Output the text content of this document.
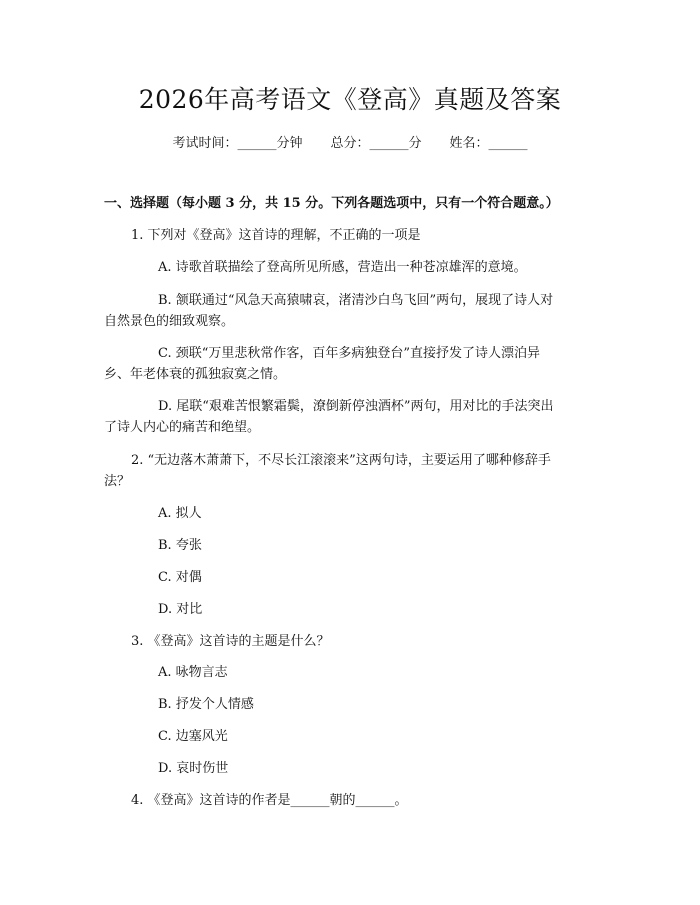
2026年高考语文《登高》真题及答案
考试时间：______分钟 总分：______分 姓名：______
一、选择题（每小题 3 分，共 15 分。下列各题选项中，只有一个符合题意。）
1. 下列对《登高》这首诗的理解，不正确的一项是
A. 诗歌首联描绘了登高所见所感，营造出一种苍凉雄浑的意境。
B. 颔联通过“风急天高猿啸哀，渚清沙白鸟飞回”两句，展现了诗人对
自然景色的细致观察。
C. 颈联“万里悲秋常作客，百年多病独登台”直接抒发了诗人漂泊异
乡、年老体衰的孤独寂寞之情。
D. 尾联“艰难苦恨繁霜鬓，潦倒新停浊酒杯”两句，用对比的手法突出
了诗人内心的痛苦和绝望。
2. “无边落木萧萧下，不尽长江滚滚来”这两句诗，主要运用了哪种修辞手
法？
A. 拟人
B. 夸张
C. 对偶
D. 对比
3. 《登高》这首诗的主题是什么？
A. 咏物言志
B. 抒发个人情感
C. 边塞风光
D. 哀时伤世
4. 《登高》这首诗的作者是______朝的______。
